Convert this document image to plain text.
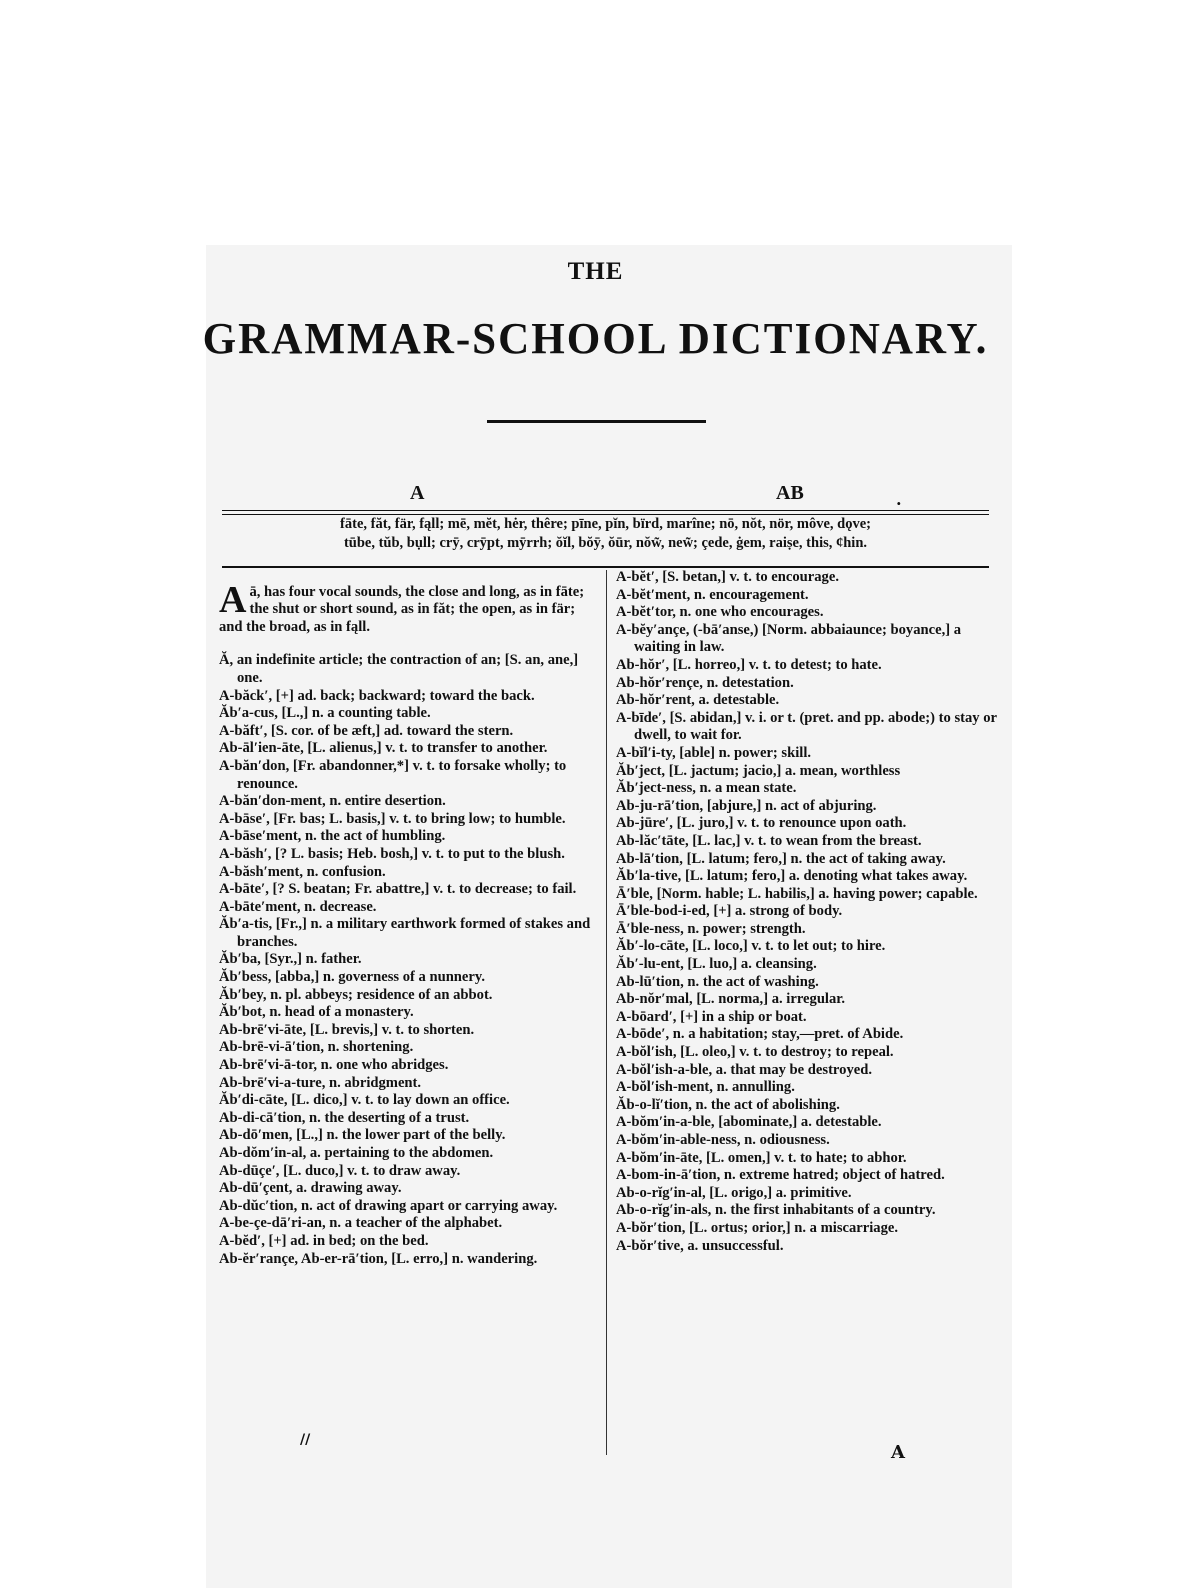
THE
GRAMMAR-SCHOOL DICTIONARY.
A	AB	.
fāte, făt, fär, fąll; mē, mĕt, hėr, thêre; pīne, pĭn, bïrd, marîne; nō, nŏt, nör, môve, dǫve;
tūbe, tŭb, bụll; crȳ, crȳpt, mȳrrh; ŏĭl, bŏȳ, ŏūr, nŏw̃, new̃; çede, ġem, raiṣe, this, ¢hin.

Aā, has four vocal sounds, the close and long, as in fāte; the shut or short sound, as in făt; the open, as in fär; and the broad, as in fąll.

Ă, an indefinite article; the contraction of an; [S. an, ane,] one.

A-băck′, [+] ad. back; backward; toward the back.

Ăb′a-cus, [L.,] n. a counting table.

A-băft′, [S. cor. of be æft,] ad. toward the stern.

Ab-āl′ien-āte, [L. alienus,] v. t. to transfer to another.

A-băn′don, [Fr. abandonner,*] v. t. to forsake wholly; to renounce.

A-băn′don-ment, n. entire desertion.

A-bāse′, [Fr. bas; L. basis,] v. t. to bring low; to humble.

A-bāse′ment, n. the act of humbling.

A-băsh′, [? L. basis; Heb. bosh,] v. t. to put to the blush.

A-băsh′ment, n. confusion.

A-bāte′, [? S. beatan; Fr. abattre,] v. t. to decrease; to fail.

A-bāte′ment, n. decrease.

Ăb′a-tis, [Fr.,] n. a military earthwork formed of stakes and branches.

Ăb′ba, [Syr.,] n. father.

Ăb′bess, [abba,] n. governess of a nunnery.

Ăb′bey, n. pl. abbeys; residence of an abbot.

Ăb′bot, n. head of a monastery.

Ab-brē′vi-āte, [L. brevis,] v. t. to shorten.

Ab-brē-vi-ā′tion, n. shortening.

Ab-brē′vi-ā-tor, n. one who abridges.

Ab-brē′vi-a-ture, n. abridgment.

Ăb′di-cāte, [L. dico,] v. t. to lay down an office.

Ab-di-cā′tion, n. the deserting of a trust.

Ab-dō′men, [L.,] n. the lower part of the belly.

Ab-dŏm′in-al, a. pertaining to the abdomen.

Ab-dūçe′, [L. duco,] v. t. to draw away.

Ab-dū′çent, a. drawing away.

Ab-dŭc′tion, n. act of drawing apart or carrying away.

A-be-çe-dā′ri-an, n. a teacher of the alphabet.

A-bĕd′, [+] ad. in bed; on the bed.

Ab-ĕr′rançe, Ab-er-rā′tion, [L. erro,] n. wandering.

A-bĕt′, [S. betan,] v. t. to encourage.

A-bĕt′ment, n. encouragement.

A-bĕt′tor, n. one who encourages.

A-bĕy′ançe, (-bā′anse,) [Norm. abbaiaunce; boyance,] a waiting in law.

Ab-hŏr′, [L. horreo,] v. t. to detest; to hate.

Ab-hŏr′rençe, n. detestation.

Ab-hŏr′rent, a. detestable.

A-bīde′, [S. abidan,] v. i. or t. (pret. and pp. abode;) to stay or dwell, to wait for.

A-bĭl′i-ty, [able] n. power; skill.

Ăb′ject, [L. jactum; jacio,] a. mean, worthless

Ăb′ject-ness, n. a mean state.

Ab-ju-rā′tion, [abjure,] n. act of abjuring.

Ab-jūre′, [L. juro,] v. t. to renounce upon oath.

Ab-lăc′tāte, [L. lac,] v. t. to wean from the breast.

Ab-lā′tion, [L. latum; fero,] n. the act of taking away.

Ăb′la-tive, [L. latum; fero,] a. denoting what takes away.

Ā′ble, [Norm. hable; L. habilis,] a. having power; capable.

Ā′ble-bod-i-ed, [+] a. strong of body.

Ā′ble-ness, n. power; strength.

Ăb′-lo-cāte, [L. loco,] v. t. to let out; to hire.

Ăb′-lu-ent, [L. luo,] a. cleansing.

Ab-lū′tion, n. the act of washing.

Ab-nŏr′mal, [L. norma,] a. irregular.

A-bōard′, [+] in a ship or boat.

A-bōde′, n. a habitation; stay,—pret. of Abide.

A-bŏl′ish, [L. oleo,] v. t. to destroy; to repeal.

A-bŏl′ish-a-ble, a. that may be destroyed.

A-bŏl′ish-ment, n. annulling.

Ăb-o-lĭ′tion, n. the act of abolishing.

A-bŏm′in-a-ble, [abominate,] a. detestable.

A-bŏm′in-able-ness, n. odiousness.

A-bŏm′in-āte, [L. omen,] v. t. to hate; to abhor.

A-bom-in-ā′tion, n. extreme hatred; object of hatred.

Ab-o-rĭg′in-al, [L. origo,] a. primitive.

Ab-o-rĭg′in-als, n. the first inhabitants of a country.

A-bŏr′tion, [L. ortus; orior,] n. a miscarriage.

A-bŏr′tive, a. unsuccessful.

//
A
